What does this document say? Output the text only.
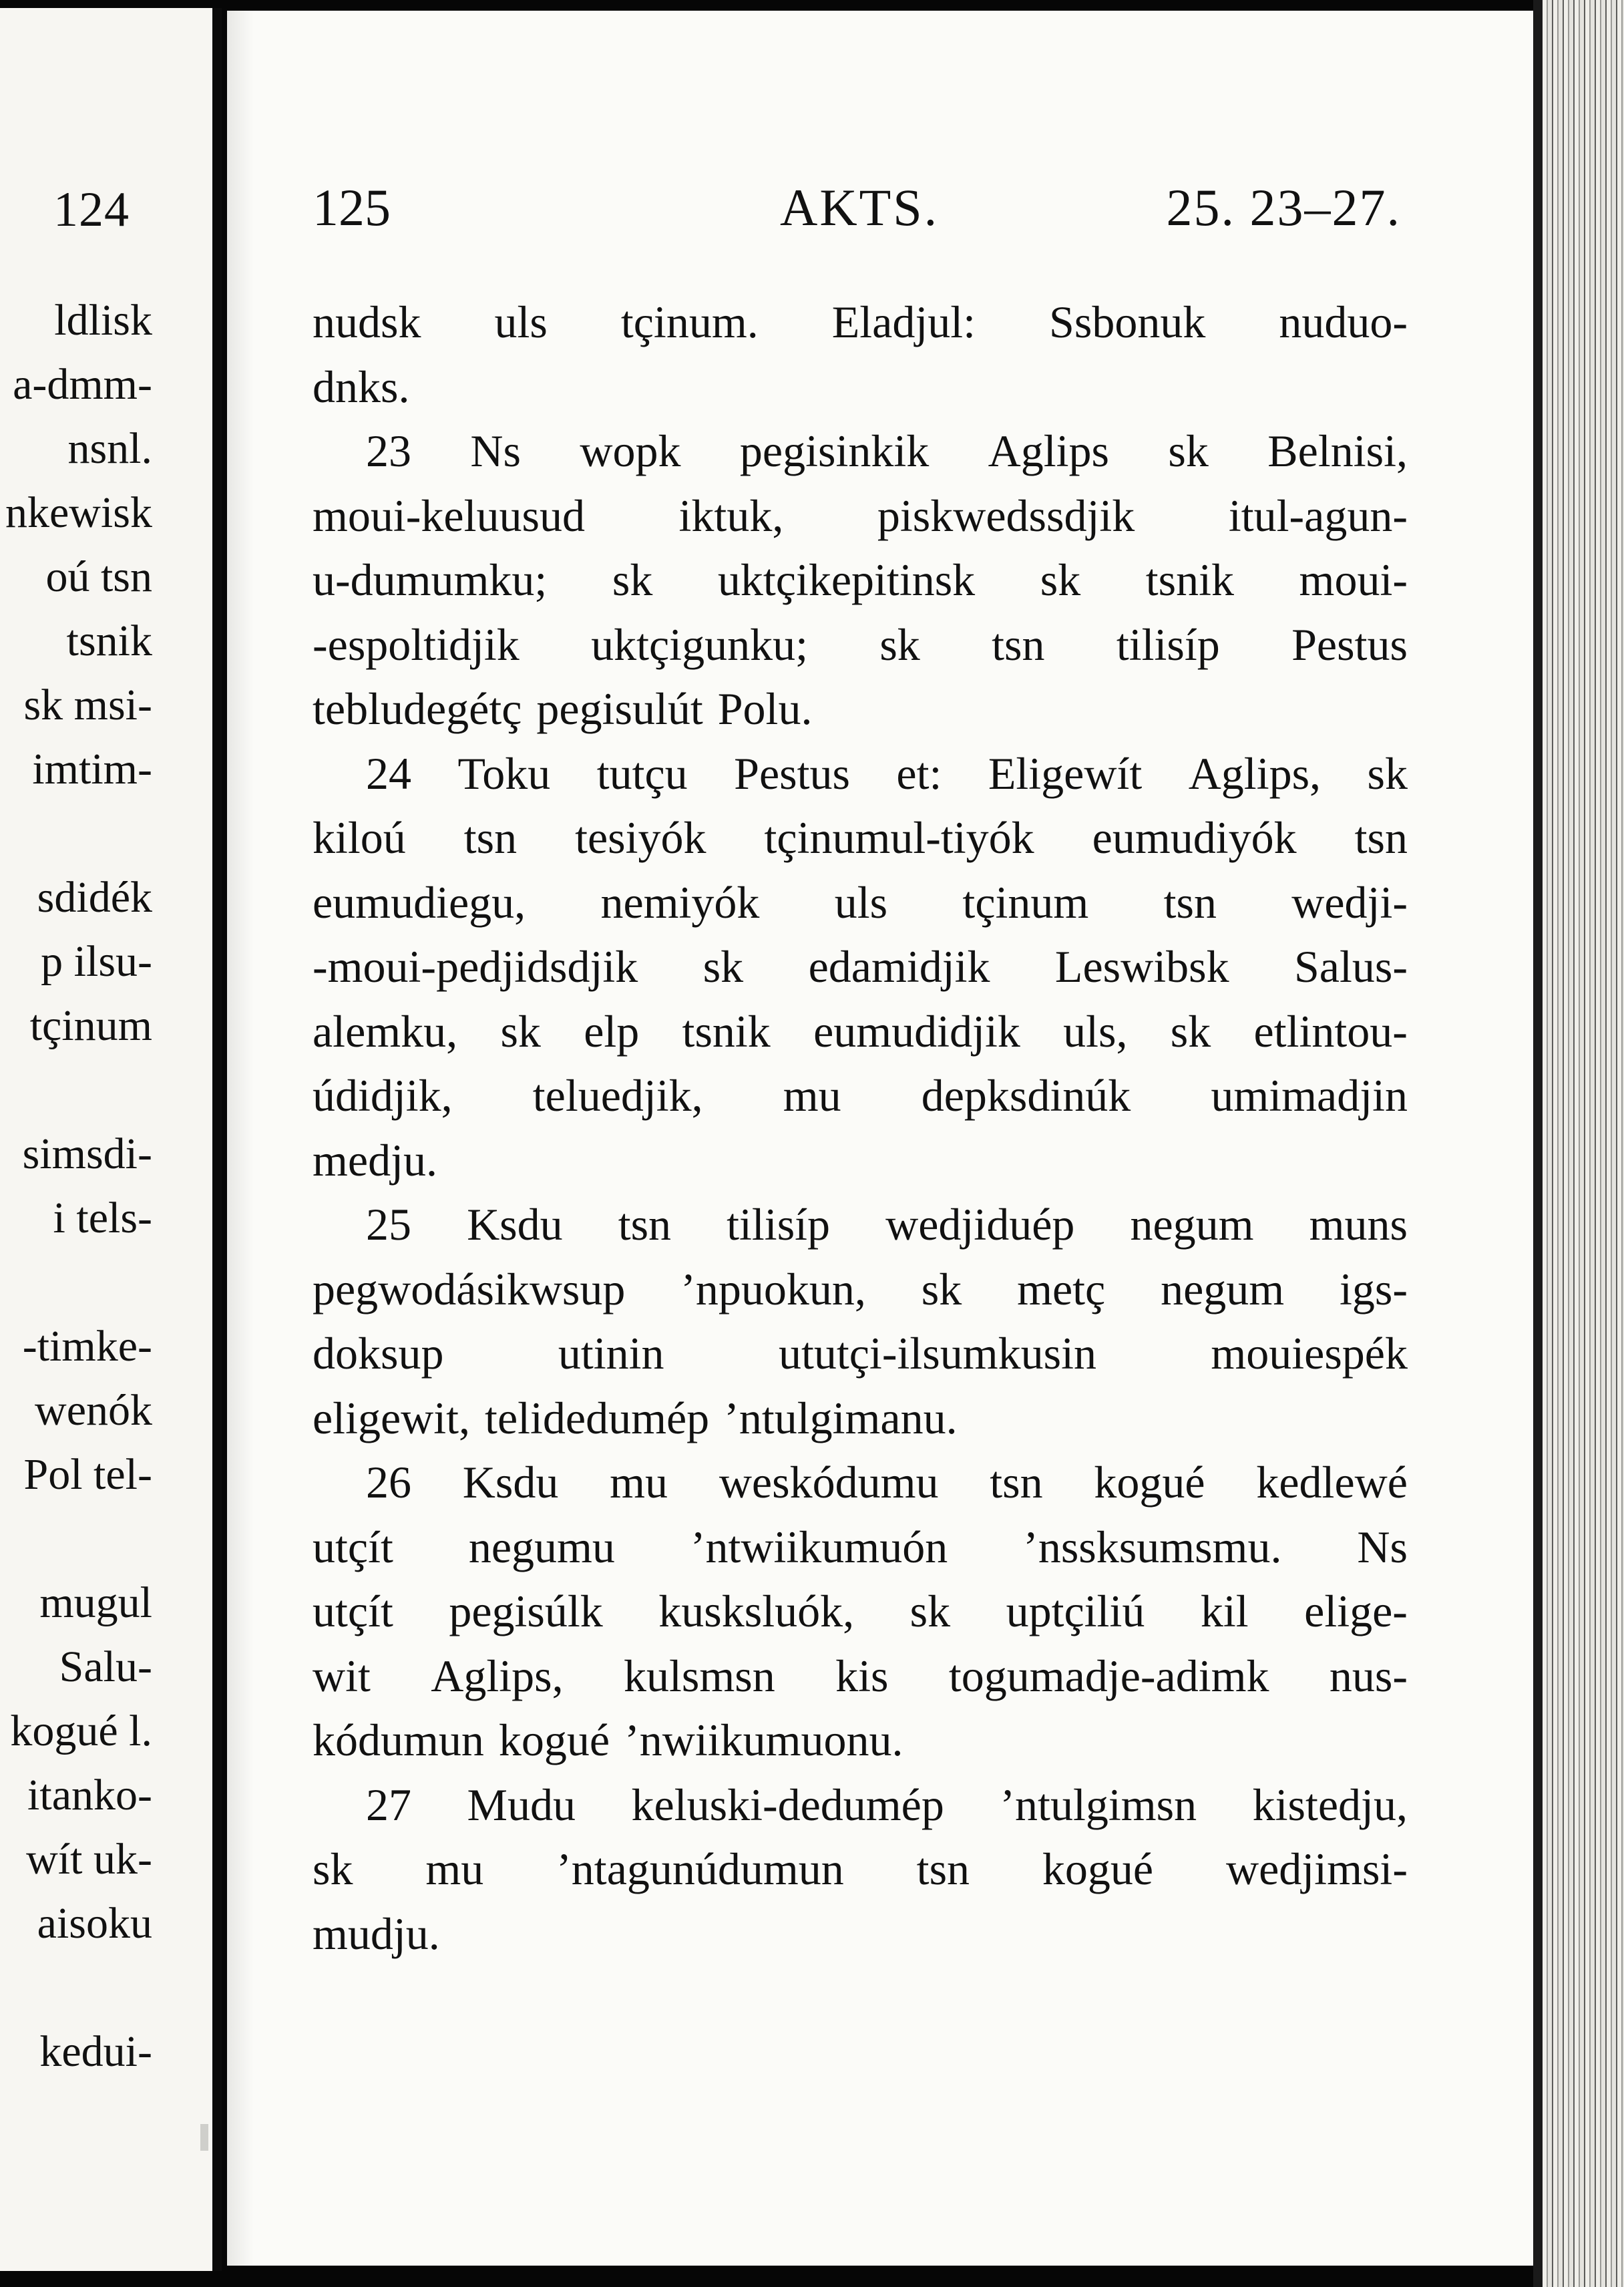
124
ldlisk
a-dmm-
nsnl.
nkewisk
oú tsn
tsnik
sk msi-
imtim-
sdidék
p ilsu-
tçinum
simsdi-
i tels-
-timke-
wenók
Pol tel-
mugul
Salu-
kogué l.
itanko-
wít uk-
aisoku
kedui-
125	AKTS.	25. 23–27.
nudsk uls tçinum. Eladjul: Ssbonuk nuduo-
dnks.
23 Ns wopk pegisinkik Aglips sk Belnisi,
moui-keluusud iktuk, piskwedssdjik itul-agun-
u-dumumku; sk uktçikepitinsk sk tsnik moui-
-espoltidjik uktçigunku; sk tsn tilisíp Pestus
tebludegétç pegisulút Polu.
24 Toku tutçu Pestus et: Eligewít Aglips, sk
kiloú tsn tesiyók tçinumul-tiyók eumudiyók tsn
eumudiegu, nemiyók uls tçinum tsn wedji-
-moui-pedjidsdjik sk edamidjik Leswibsk Salus-
alemku, sk elp tsnik eumudidjik uls, sk etlintou-
údidjik, teluedjik, mu depksdinúk umimadjin
medju.
25 Ksdu tsn tilisíp wedjiduép negum muns
pegwodásikwsup ’npuokun, sk metç negum igs-
doksup	utinin	ututçi-ilsumkusin	mouiespék
eligewit, telidedumép ’ntulgimanu.
26 Ksdu mu weskódumu tsn kogué kedlewé
utçít negumu ’ntwiikumuón ’nssksumsmu. Ns
utçít pegisúlk kusksluók, sk uptçiliú kil elige-
wit Aglips, kulsmsn kis togumadje-adimk nus-
kódumun kogué ’nwiikumuonu.
27 Mudu keluski-dedumép ’ntulgimsn kistedju,
sk mu ’ntagunúdumun tsn kogué wedjimsi-
mudju.
